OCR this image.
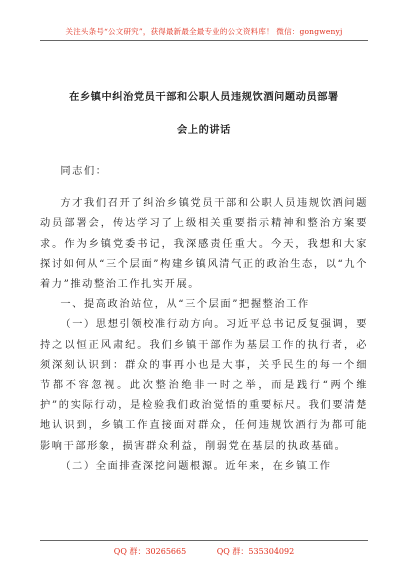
关注头条号“公文研究”，获得最新最全最专业的公文资料库！ 微信：gongwenyj
在乡镇中纠治党员干部和公职人员违规饮酒问题动员部署
会上的讲话

同志们：

方才我们召开了纠治乡镇党员干部和公职人员违规饮酒问题动员部署会，传达学习了上级相关重要指示精神和整治方案要求。作为乡镇党委书记，我深感责任重大。今天，我想和大家探讨如何从“三个层面”构建乡镇风清气正的政治生态，以“九个着力”推动整治工作扎实开展。

一、提高政治站位，从“三个层面”把握整治工作

（一）思想引领校准行动方向。习近平总书记反复强调，要持之以恒正风肃纪。我们乡镇干部作为基层工作的执行者，必须深刻认识到：群众的事再小也是大事，关乎民生的每一个细节都不容忽视。此次整治绝非一时之举，而是践行“两个维护”的实际行动，是检验我们政治觉悟的重要标尺。我们要清楚地认识到，乡镇工作直接面对群众，任何违规饮酒行为都可能影响干部形象，损害群众利益，削弱党在基层的执政基础。

（二）全面排查深挖问题根源。近年来，在乡镇工作

QQ 群：30265665	QQ 群：535304092
